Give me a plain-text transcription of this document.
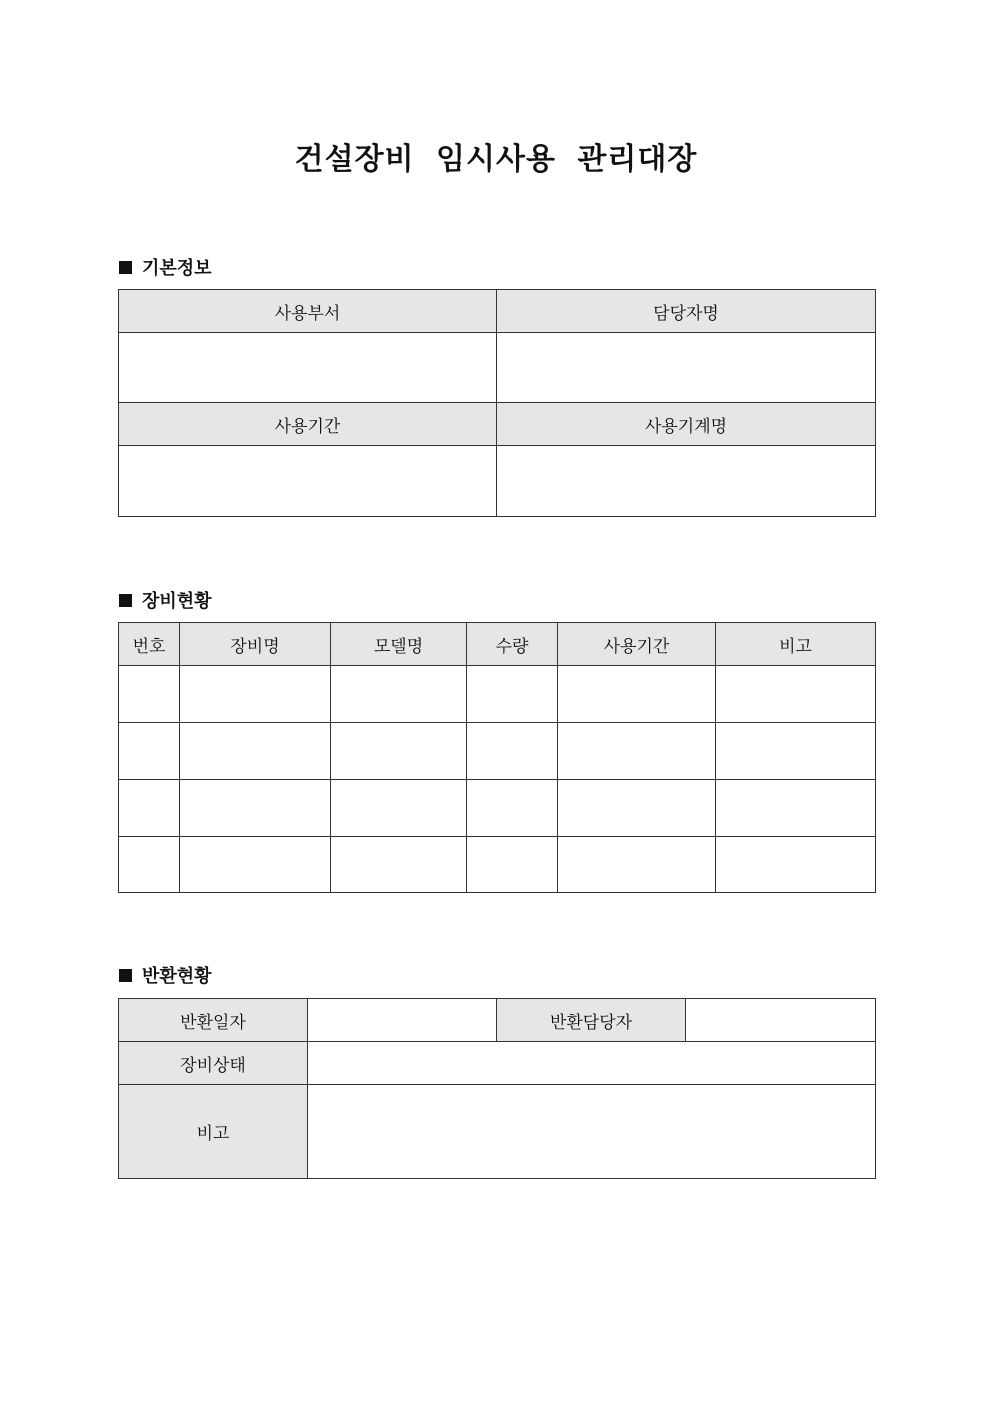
건설장비 임시사용 관리대장
기본정보
사용부서	담당자명

사용기간	사용기계명

장비현황
번호	장비명	모델명	수량	사용기간	비고

반환현황
반환일자		반환담당자	
장비상태			
비고			
